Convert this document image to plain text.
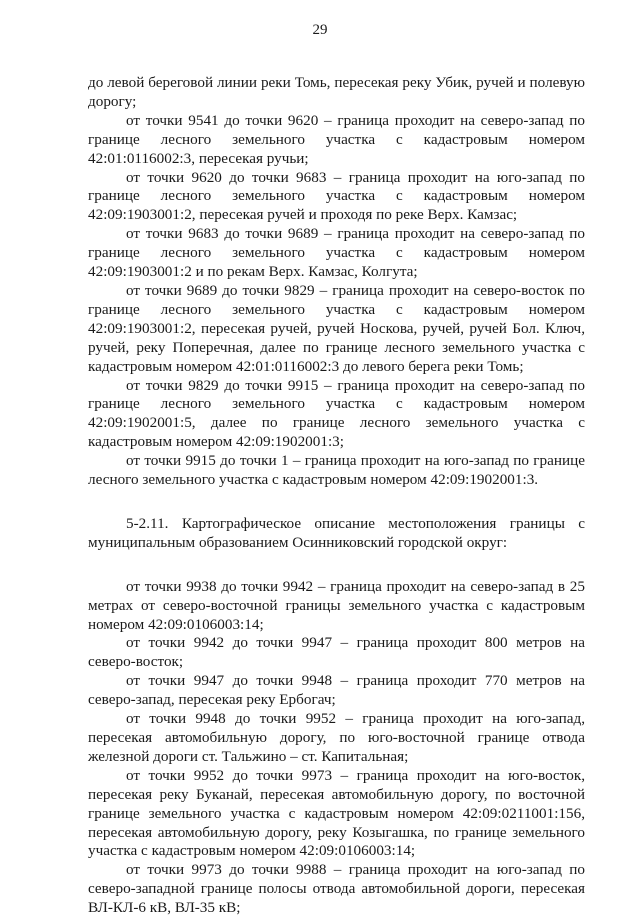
29

до левой береговой линии реки Томь, пересекая реку Убик, ручей и полевую дорогу;

от точки 9541 до точки 9620 – граница проходит на северо-запад по границе лесного земельного участка с кадастровым номером 42:01:0116002:3, пересекая ручьи;

от точки 9620 до точки 9683 – граница проходит на юго-запад по границе лесного земельного участка с кадастровым номером 42:09:1903001:2, пересекая ручей и проходя по реке Верх. Камзас;

от точки 9683 до точки 9689 – граница проходит на северо-запад по границе лесного земельного участка с кадастровым номером 42:09:1903001:2 и по рекам Верх. Камзас, Колгута;

от точки 9689 до точки 9829 – граница проходит на северо-восток по границе лесного земельного участка с кадастровым номером 42:09:1903001:2, пересекая ручей, ручей Носкова, ручей, ручей Бол. Ключ, ручей, реку Поперечная, далее по границе лесного земельного участка с кадастровым номером 42:01:0116002:3 до левого берега реки Томь;

от точки 9829 до точки 9915 – граница проходит на северо-запад по границе лесного земельного участка с кадастровым номером 42:09:1902001:5, далее по границе лесного земельного участка с кадастровым номером 42:09:1902001:3;

от точки 9915 до точки 1 – граница проходит на юго-запад по границе лесного земельного участка с кадастровым номером 42:09:1902001:3.

5-2.11. Картографическое описание местоположения границы с муниципальным образованием Осинниковский городской округ:

от точки 9938 до точки 9942 – граница проходит на северо-запад в 25 метрах от северо-восточной границы земельного участка с кадастровым номером 42:09:0106003:14;

от точки 9942 до точки 9947 – граница проходит 800 метров на северо-восток;

от точки 9947 до точки 9948 – граница проходит 770 метров на северо-запад, пересекая реку Ербогач;

от точки 9948 до точки 9952 – граница проходит на юго-запад, пересекая автомобильную дорогу, по юго-восточной границе отвода железной дороги ст. Тальжино – ст. Капитальная;

от точки 9952 до точки 9973 – граница проходит на юго-восток, пересекая реку Буканай, пересекая автомобильную дорогу, по восточной границе земельного участка с кадастровым номером 42:09:0211001:156, пересекая автомобильную дорогу, реку Козыгашка, по границе земельного участка с кадастровым номером 42:09:0106003:14;

от точки 9973 до точки 9988 – граница проходит на юго-запад по северо-западной границе полосы отвода автомобильной дороги, пересекая ВЛ-КЛ-6 кВ, ВЛ-35 кВ;
